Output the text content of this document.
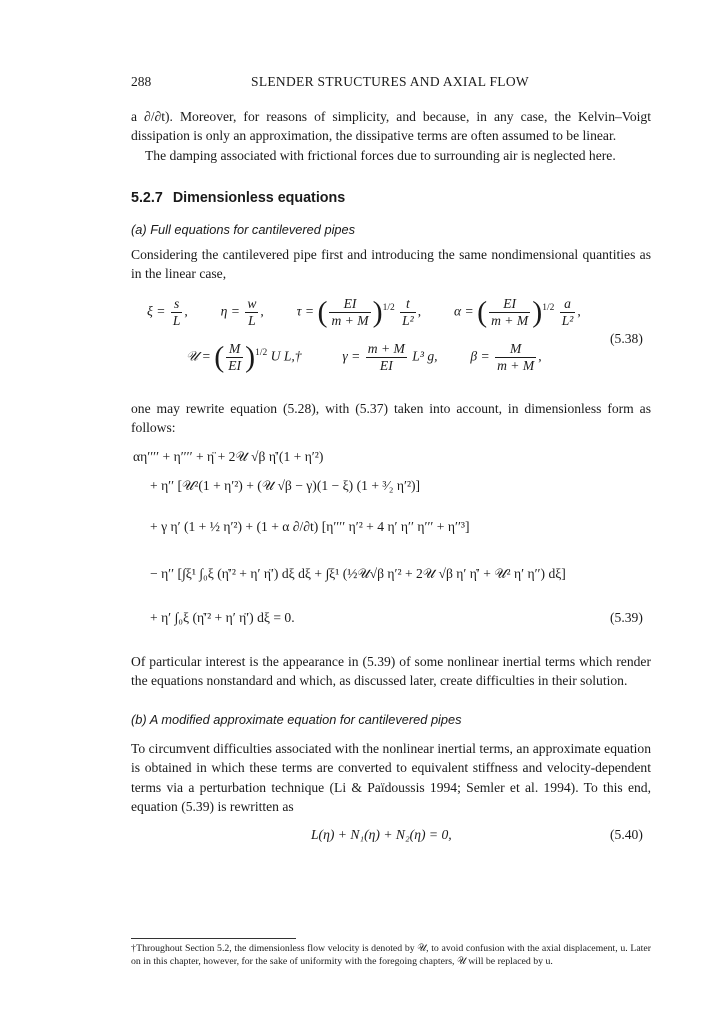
288	SLENDER STRUCTURES AND AXIAL FLOW

a ∂/∂t). Moreover, for reasons of simplicity, and because, in any case, the Kelvin–Voigt dissipation is only an approximation, the dissipative terms are often assumed to be linear.

The damping associated with frictional forces due to surrounding air is neglected here.

5.2.7 Dimensionless equations
(a) Full equations for cantilevered pipes

Considering the cantilevered pipe first and introducing the same nondimensional quantities as in the linear case,

$\xi = \frac{s}{L}$ ,  $\eta = \frac{w}{L}$ ,  τ = ( $\frac{EI}{m + M} )^{1/2} \frac{t}{\text{L²}}$ ,  α = ( $\frac{EI}{m + M} )^{1/2} \frac{a}{\text{L²}}$ ,
(5.38)
𝒰 = ( $\frac{M}{EI} )^{1/2}$ U L,†	$\gamma = \frac{m + M}{EI} L^3$ g, $\beta = \frac{M}{m + M}$ ,

one may rewrite equation (5.28), with (5.37) taken into account, in dimensionless form as follows:

αη′′′′ + η′′′′ + η̈ + 2𝒰 √β η̇′(1 + η′²)
+ η′′ [𝒰²(1 + η′²) + (𝒰 √β − γ)(1 − ξ) (1 + ³⁄₂ η′²)]
+ γ η′ (1 + ½ η′²) + (1 + α ∂/∂t) [η′′′′ η′² + 4 η′ η′′ η′′′ + η′′³]
− η′′ [∫ξ¹ ∫₀ξ (η̇′² + η′ η̈′) dξ dξ + ∫ξ¹ (½𝒰√β η′² + 2𝒰 √β η′ η̇′ + 𝒰² η′ η′′) dξ]
+ η′ ∫₀ξ (η̇′² + η′ η̈′) dξ = 0.	(5.39)

Of particular interest is the appearance in (5.39) of some nonlinear inertial terms which render the equations nonstandard and which, as discussed later, create difficulties in their solution.

(b) A modified approximate equation for cantilevered pipes

To circumvent difficulties associated with the nonlinear inertial terms, an approximate equation is obtained in which these terms are converted to equivalent stiffness and velocity-dependent terms via a perturbation technique (Li & Païdoussis 1994; Semler et al. 1994). To this end, equation (5.39) is rewritten as

L(η) + N₁(η) + N₂(η) = 0,	(5.40)

†Throughout Section 5.2, the dimensionless flow velocity is denoted by 𝒰, to avoid confusion with the axial displacement, u. Later on in this chapter, however, for the sake of uniformity with the foregoing chapters, 𝒰 will be replaced by u.
